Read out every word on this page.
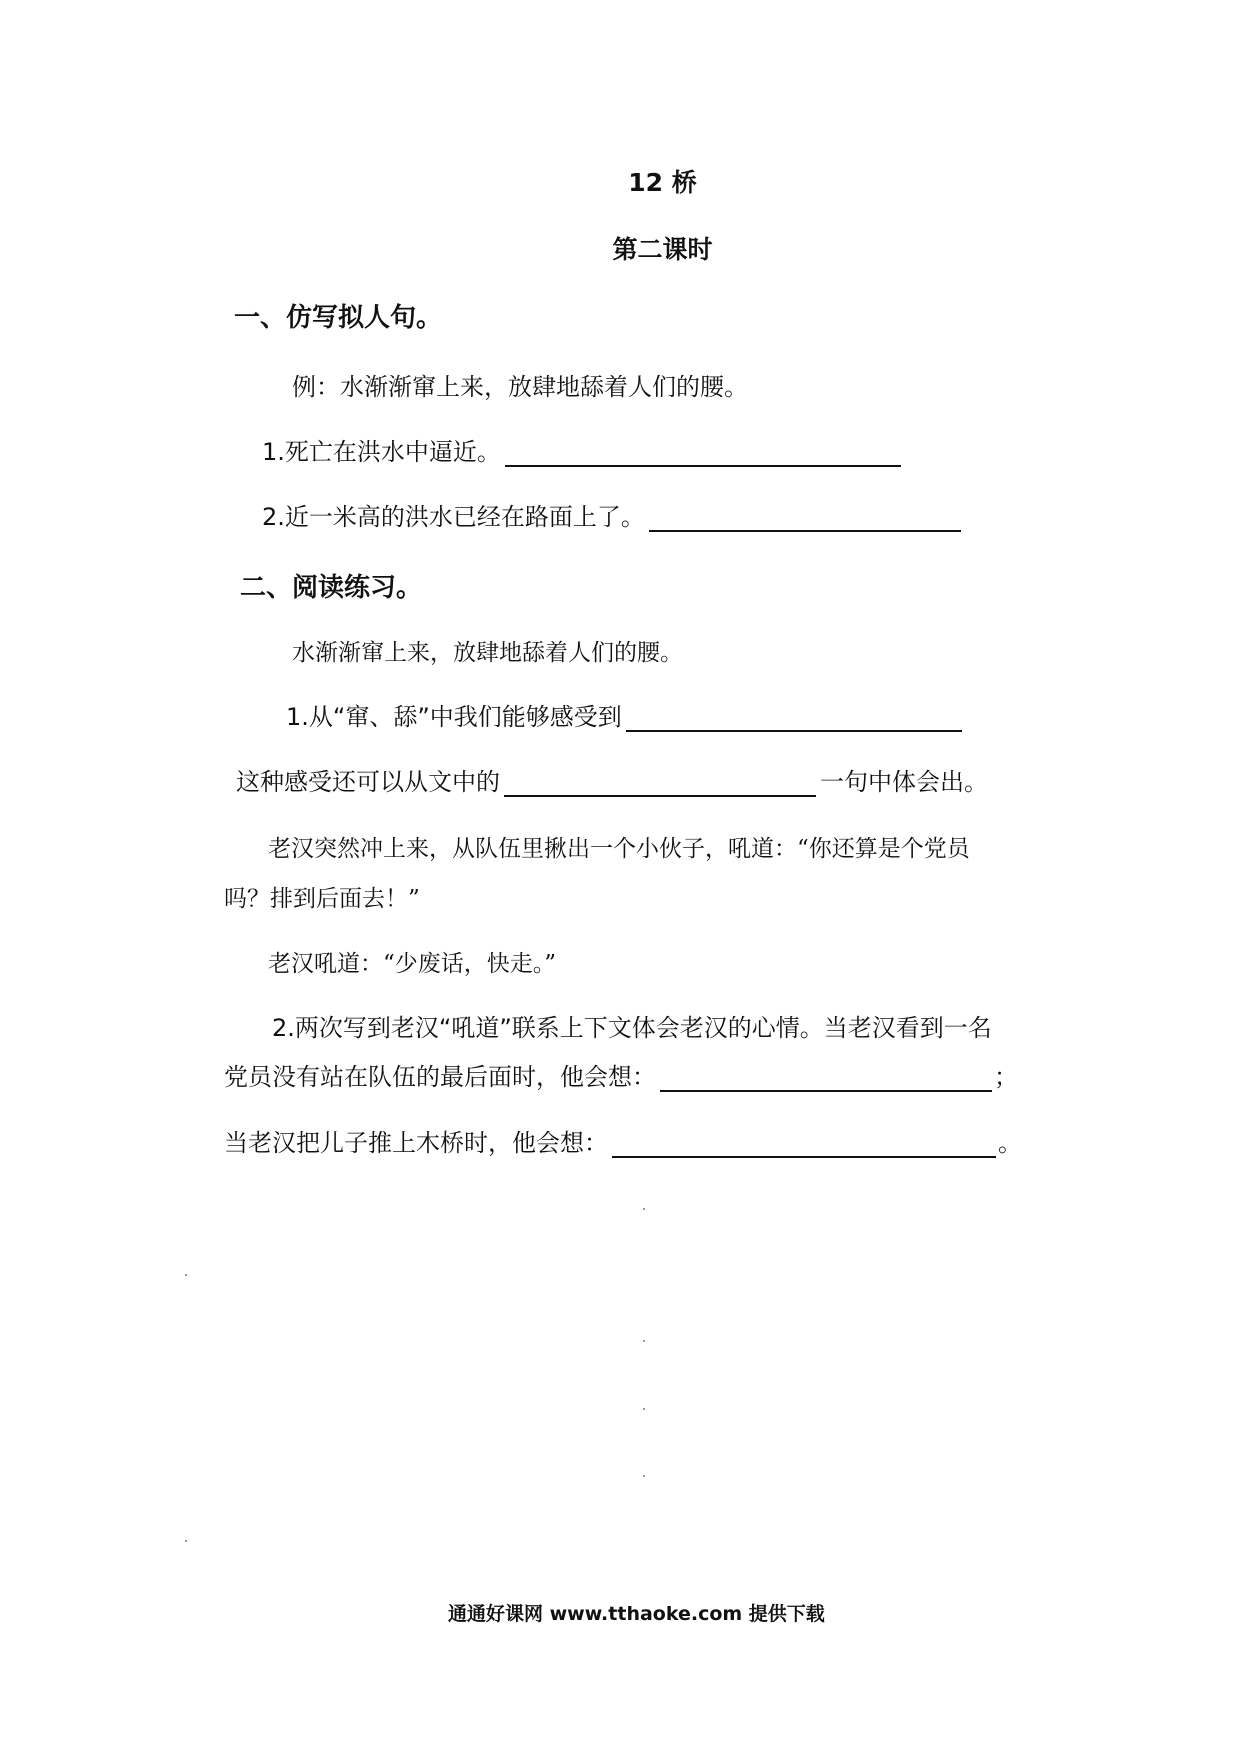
12 桥
第二课时
一、仿写拟人句。
例：水渐渐窜上来，放肆地舔着人们的腰。
1.死亡在洪水中逼近。
2.近一米高的洪水已经在路面上了。
二、阅读练习。
水渐渐窜上来，放肆地舔着人们的腰。
1.从“窜、舔”中我们能够感受到
这种感受还可以从文中的	一句中体会出。
老汉突然冲上来，从队伍里揪出一个小伙子，吼道：“你还算是个党员
吗？排到后面去！”
老汉吼道：“少废话，快走。”
2.两次写到老汉“吼道”联系上下文体会老汉的心情。当老汉看到一名
党员没有站在队伍的最后面时，他会想：	；
当老汉把儿子推上木桥时，他会想：	。
通通好课网 www.tthaoke.com 提供下载
